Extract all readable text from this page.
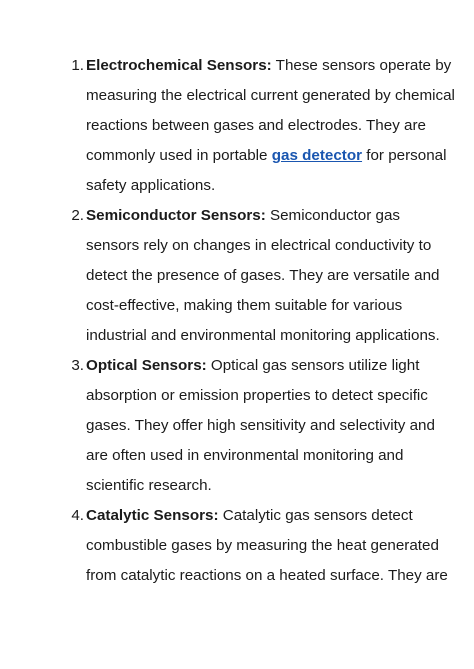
1. Electrochemical Sensors: These sensors operate by measuring the electrical current generated by chemical reactions between gases and electrodes. They are commonly used in portable gas detector for personal safety applications.
2. Semiconductor Sensors: Semiconductor gas sensors rely on changes in electrical conductivity to detect the presence of gases. They are versatile and cost-effective, making them suitable for various industrial and environmental monitoring applications.
3. Optical Sensors: Optical gas sensors utilize light absorption or emission properties to detect specific gases. They offer high sensitivity and selectivity and are often used in environmental monitoring and scientific research.
4. Catalytic Sensors: Catalytic gas sensors detect combustible gases by measuring the heat generated from catalytic reactions on a heated surface. They are
